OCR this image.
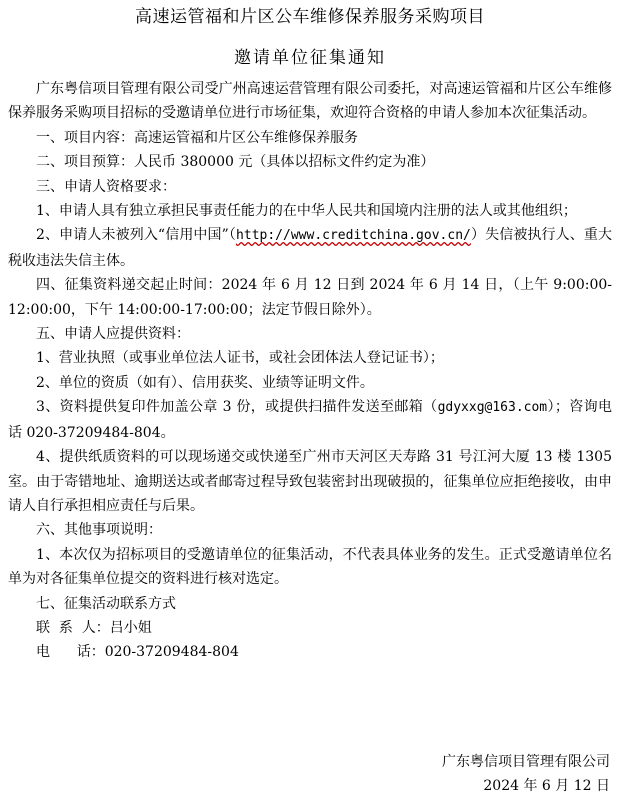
高速运管福和片区公车维修保养服务采购项目
邀请单位征集通知

广东粤信项目管理有限公司受广州高速运营管理有限公司委托，对高速运管福和片区公车维修保养服务采购项目招标的受邀请单位进行市场征集，欢迎符合资格的申请人参加本次征集活动。

一、项目内容：高速运管福和片区公车维修保养服务

二、项目预算：人民币 380000 元（具体以招标文件约定为准）

三、申请人资格要求：

1、申请人具有独立承担民事责任能力的在中华人民共和国境内注册的法人或其他组织；

2、申请人未被列入“信用中国”（http://www.creditchina.gov.cn/）失信被执行人、重大税收违法失信主体。

四、征集资料递交起止时间：2024 年 6 月 12 日到 2024 年 6 月 14 日，（上午 9:00:00-12:00:00，下午 14:00:00-17:00:00；法定节假日除外）。

五、申请人应提供资料：

1、营业执照（或事业单位法人证书，或社会团体法人登记证书）；

2、单位的资质（如有）、信用获奖、业绩等证明文件。

3、资料提供复印件加盖公章 3 份，或提供扫描件发送至邮箱（gdyxxg@163.com）；咨询电话 020-37209484-804。

4、提供纸质资料的可以现场递交或快递至广州市天河区天寿路 31 号江河大厦 13 楼 1305 室。由于寄错地址、逾期送达或者邮寄过程导致包装密封出现破损的，征集单位应拒绝接收，由申请人自行承担相应责任与后果。

六、其他事项说明：

1、本次仅为招标项目的受邀请单位的征集活动，不代表具体业务的发生。正式受邀请单位名单为对各征集单位提交的资料进行核对选定。

七、征集活动联系方式

联  系  人：吕小姐

电      话：020-37209484-804

广东粤信项目管理有限公司
2024 年 6 月 12 日
